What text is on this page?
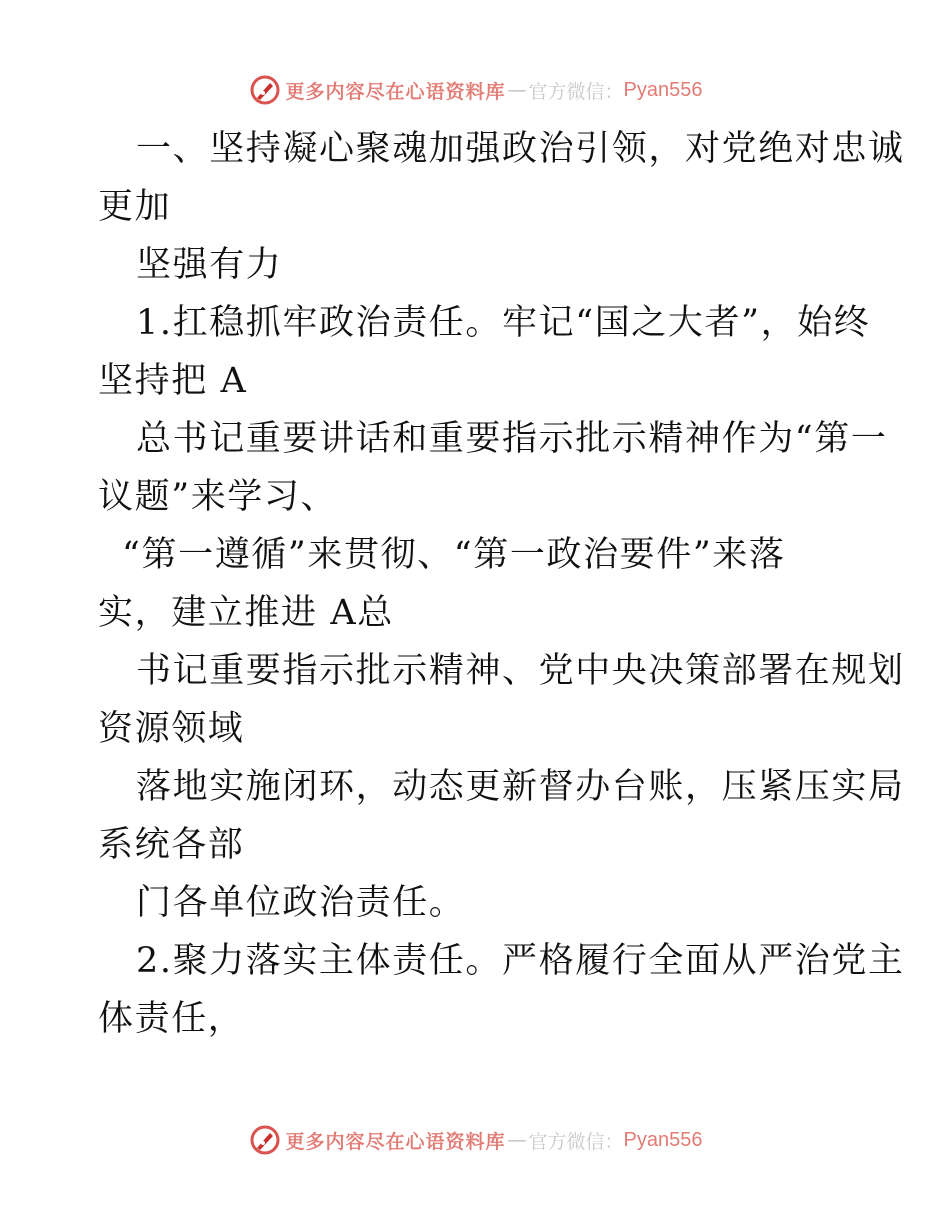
更多内容尽在心语资料库 — 官方微信： Pyan556
一、坚持凝心聚魂加强政治引领，对党绝对忠诚
更加
坚强有力
1.扛稳抓牢政治责任。牢记“国之大者”，始终
坚持把 A
总书记重要讲话和重要指示批示精神作为“第一
议题”来学习、
“第一遵循”来贯彻、“第一政治要件”来落
实，建立推进 A总
书记重要指示批示精神、党中央决策部署在规划
资源领域
落地实施闭环，动态更新督办台账，压紧压实局
系统各部
门各单位政治责任。
2.聚力落实主体责任。严格履行全面从严治党主
体责任，
更多内容尽在心语资料库 — 官方微信： Pyan556
